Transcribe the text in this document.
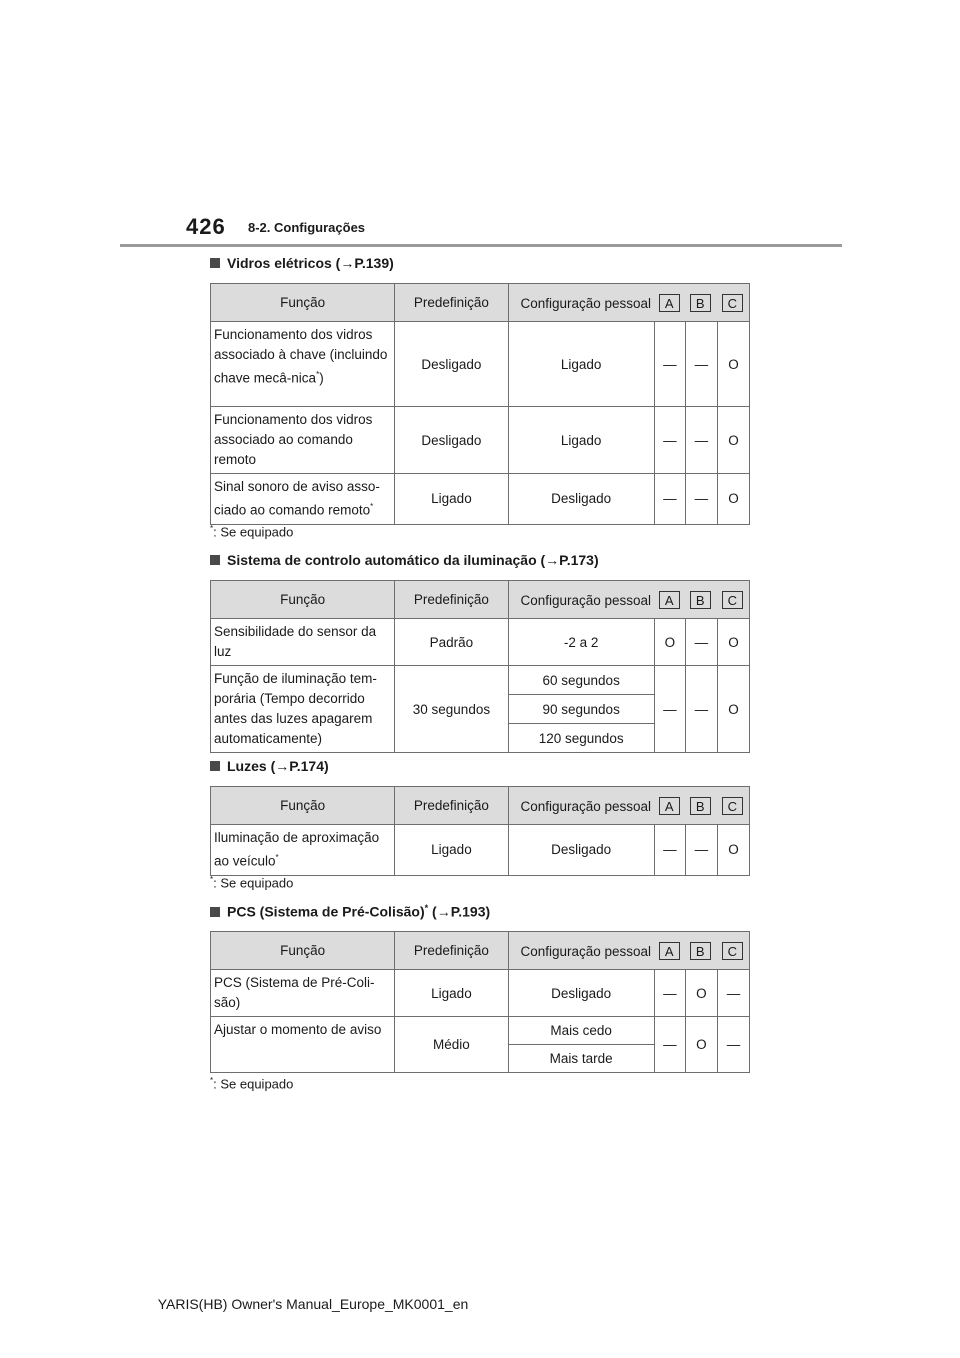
426 8-2. Configurações
Vidros elétricos (→P.139)
Função	Predefinição	Configuração pessoal A B C			
Funcionamento dos vidros associado à chave (incluindo chave mecâ-nica*)	Desligado	Ligado	—	—	O
Funcionamento dos vidros associado ao comando remoto	Desligado	Ligado	—	—	O
Sinal sonoro de aviso asso-ciado ao comando remoto*	Ligado	Desligado	—	—	O
*: Se equipado
Sistema de controlo automático da iluminação (→P.173)
Função	Predefinição	Configuração pessoal A B C			
Sensibilidade do sensor da luz	Padrão	-2 a 2	O	—	O
Função de iluminação tem-porária (Tempo decorrido antes das luzes apagarem automaticamente)	30 segundos	60 segundos	—	—	O
		90 segundos			
		120 segundos			
Luzes (→P.174)
Função	Predefinição	Configuração pessoal A B C			
Iluminação de aproximação ao veículo*	Ligado	Desligado	—	—	O
*: Se equipado
PCS (Sistema de Pré-Colisão)* (→P.193)
Função	Predefinição	Configuração pessoal A B C			
PCS (Sistema de Pré-Coli-são)	Ligado	Desligado	—	O	—
Ajustar o momento de aviso	Médio	Mais cedo	—	O	—
		Mais tarde			
*: Se equipado
YARIS(HB) Owner's Manual_Europe_MK0001_en
